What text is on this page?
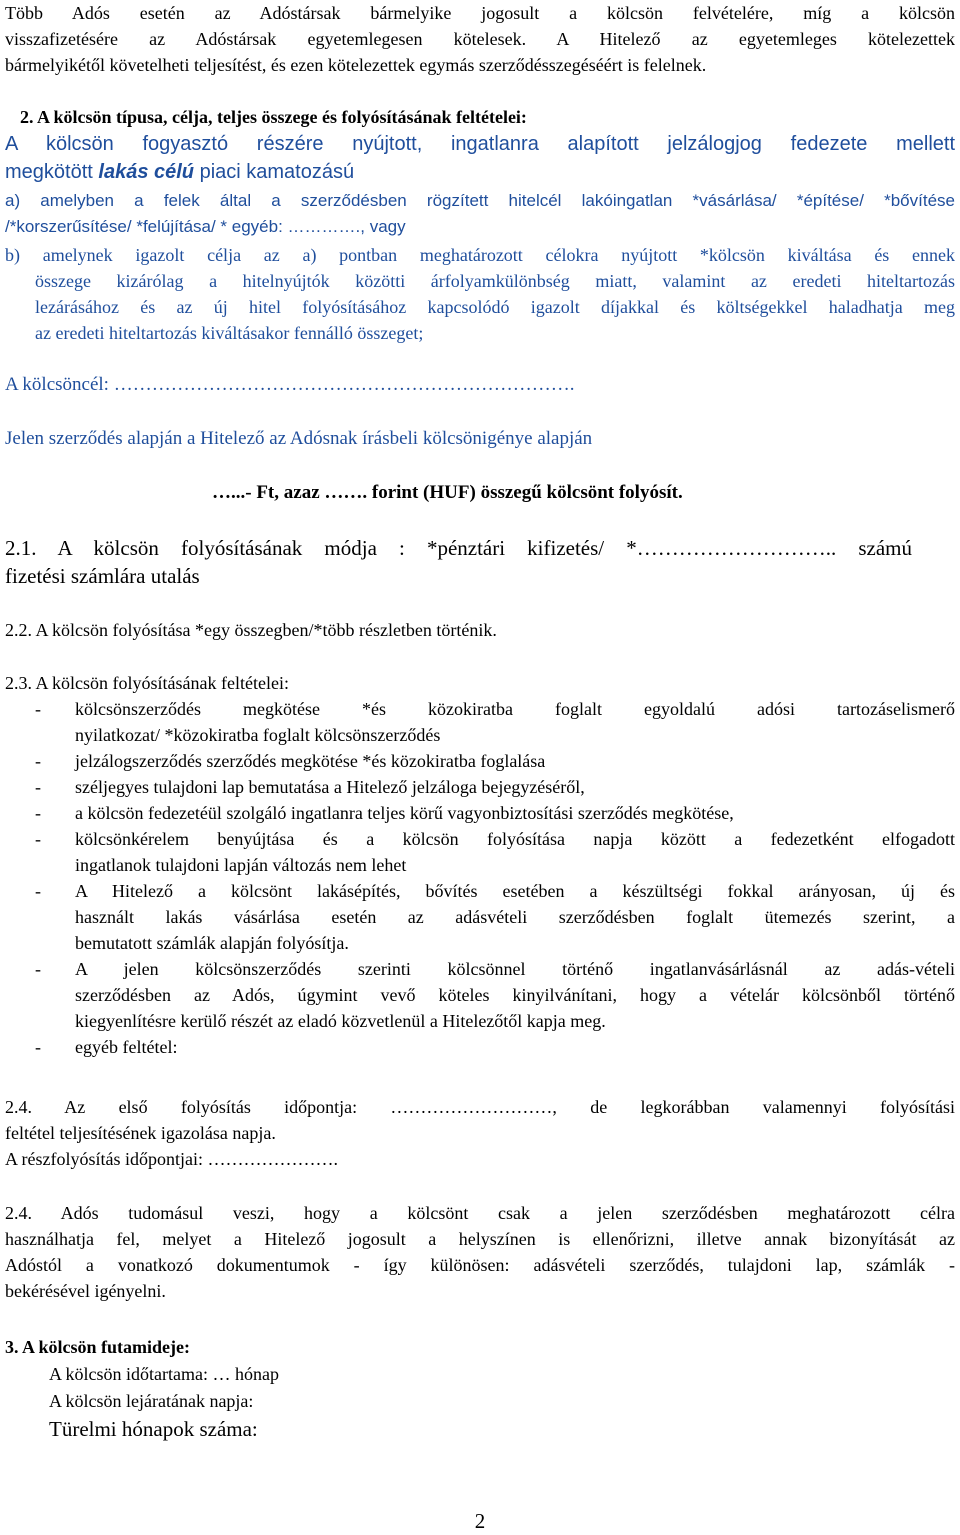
Több Adós esetén az Adóstársak bármelyike jogosult a kölcsön felvételére, míg a kölcsön

visszafizetésére az Adóstársak egyetemlegesen kötelesek. A Hitelező az egyetemleges kötelezettek

bármelyikétől követelheti teljesítést, és ezen kötelezettek egymás szerződésszegéséért is felelnek.

2. A kölcsön típusa, célja, teljes összege és folyósításának feltételei:

A kölcsön fogyasztó részére nyújtott, ingatlanra alapított jelzálogjog fedezete mellett

megkötött lakás célú piaci kamatozású

a) amelyben a felek által a szerződésben rögzített hitelcél lakóingatlan *vásárlása/ *építése/ *bővítése

/*korszerűsítése/ *felújítása/ * egyéb: …………., vagy

b) amelynek igazolt célja az a) pontban meghatározott célokra nyújtott *kölcsön kiváltása és ennek

összege kizárólag a hitelnyújtók közötti árfolyamkülönbség miatt, valamint az eredeti hiteltartozás

lezárásához és az új hitel folyósításához kapcsolódó igazolt díjakkal és költségekkel haladhatja meg

az eredeti hiteltartozás kiváltásakor fennálló összeget;

A kölcsöncél: ……………………………………………………………….

Jelen szerződés alapján a Hitelező az Adósnak írásbeli kölcsönigénye alapján

…...- Ft, azaz ……. forint (HUF) összegű kölcsönt folyósít.

2.1. A kölcsön folyósításának módja : *pénztári kifizetés/ *……………………….. számú

fizetési számlára utalás

2.2. A kölcsön folyósítása *egy összegben/*több részletben történik.

2.3. A kölcsön folyósításának feltételei:

- kölcsönszerződés megkötése *és közokiratba foglalt egyoldalú adósi tartozáselismerő

nyilatkozat/ *közokiratba foglalt kölcsönszerződés

- jelzálogszerződés szerződés megkötése *és közokiratba foglalása

- széljegyes tulajdoni lap bemutatása a Hitelező jelzáloga bejegyzéséről,

- a kölcsön fedezetéül szolgáló ingatlanra teljes körű vagyonbiztosítási szerződés megkötése,

- kölcsönkérelem benyújtása és a kölcsön folyósítása napja között a fedezetként elfogadott

ingatlanok tulajdoni lapján változás nem lehet

- A Hitelező a kölcsönt lakásépítés, bővítés esetében a készültségi fokkal arányosan, új és

használt lakás vásárlása esetén az adásvételi szerződésben foglalt ütemezés szerint, a

bemutatott számlák alapján folyósítja.

- A jelen kölcsönszerződés szerinti kölcsönnel történő ingatlanvásárlásnál az adás-vételi

szerződésben az Adós, úgymint vevő köteles kinyilvánítani, hogy a vételár kölcsönből történő

kiegyenlítésre kerülő részét az eladó közvetlenül a Hitelezőtől kapja meg.

- egyéb feltétel:

2.4. Az első folyósítás időpontja: ………………………, de legkorábban valamennyi folyósítási

feltétel teljesítésének igazolása napja.

A részfolyósítás időpontjai: ………………….

2.4. Adós tudomásul veszi, hogy a kölcsönt csak a jelen szerződésben meghatározott célra

használhatja fel, melyet a Hitelező jogosult a helyszínen is ellenőrizni, illetve annak bizonyítását az

Adóstól a vonatkozó dokumentumok - így különösen: adásvételi szerződés, tulajdoni lap, számlák -

bekérésével igényelni.

3. A kölcsön futamideje:

A kölcsön időtartama: … hónap

A kölcsön lejáratának napja:

Türelmi hónapok száma:

2
